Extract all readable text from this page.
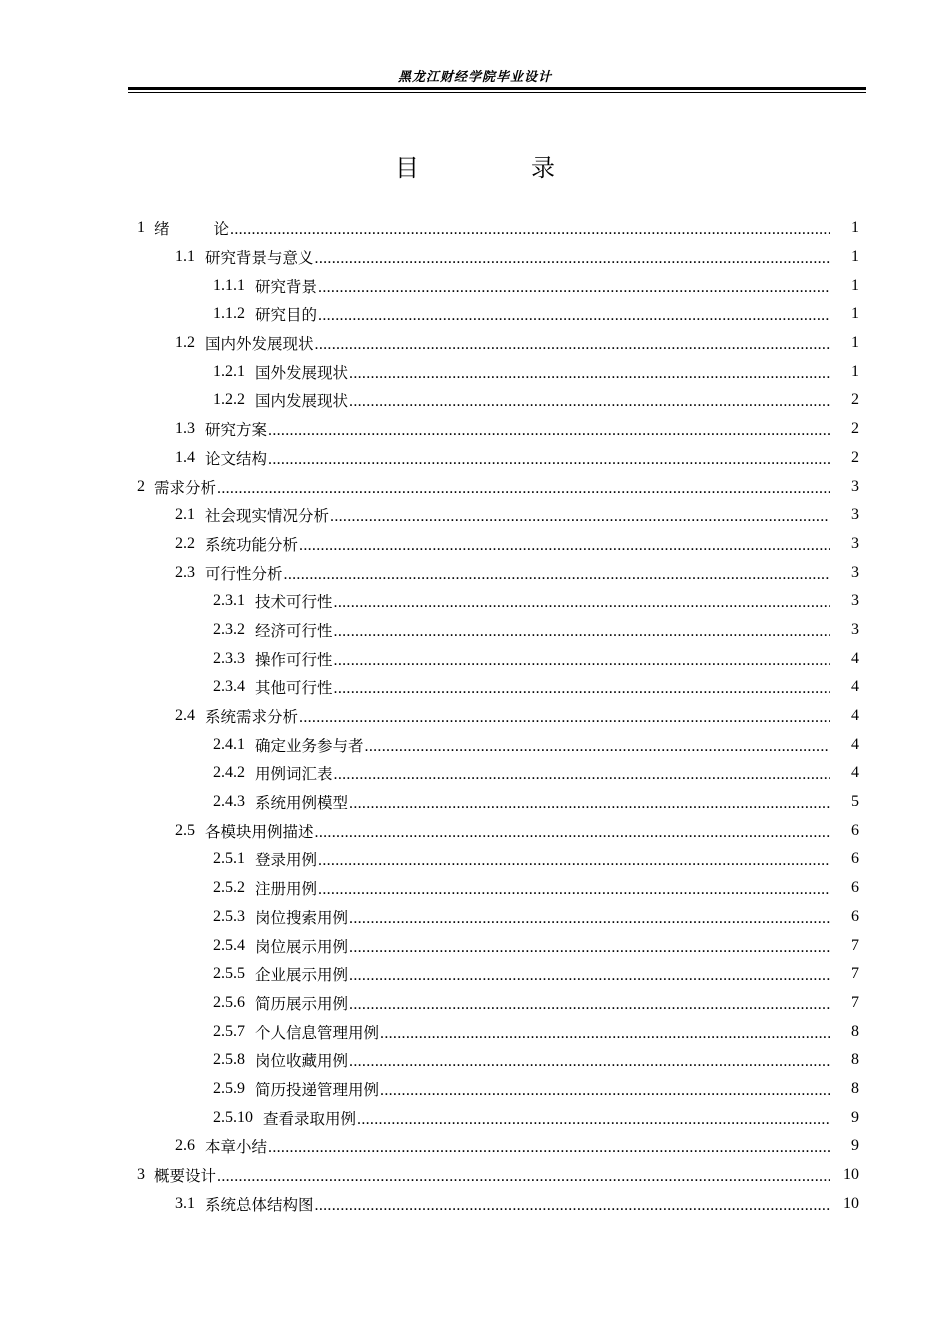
黑龙江财经学院毕业设计
目　录
1 绪论 .....	1
1.1 研究背景与意义 .....	1
1.1.1 研究背景 .....	1
1.1.2 研究目的 .....	1
1.2 国内外发展现状 .....	1
1.2.1 国外发展现状 .....	1
1.2.2 国内发展现状 .....	2
1.3 研究方案 .....	2
1.4 论文结构 .....	2
2 需求分析 .....	3
2.1 社会现实情况分析 .....	3
2.2 系统功能分析 .....	3
2.3 可行性分析 .....	3
2.3.1 技术可行性 .....	3
2.3.2 经济可行性 .....	3
2.3.3 操作可行性 .....	4
2.3.4 其他可行性 .....	4
2.4 系统需求分析 .....	4
2.4.1 确定业务参与者 .....	4
2.4.2 用例词汇表 .....	4
2.4.3 系统用例模型 .....	5
2.5 各模块用例描述 .....	6
2.5.1 登录用例 .....	6
2.5.2 注册用例 .....	6
2.5.3 岗位搜索用例 .....	6
2.5.4 岗位展示用例 .....	7
2.5.5 企业展示用例 .....	7
2.5.6 简历展示用例 .....	7
2.5.7 个人信息管理用例 .....	8
2.5.8 岗位收藏用例 .....	8
2.5.9 简历投递管理用例 .....	8
2.5.10 查看录取用例 .....	9
2.6 本章小结 .....	9
3 概要设计 .....	10
3.1 系统总体结构图 .....	10
